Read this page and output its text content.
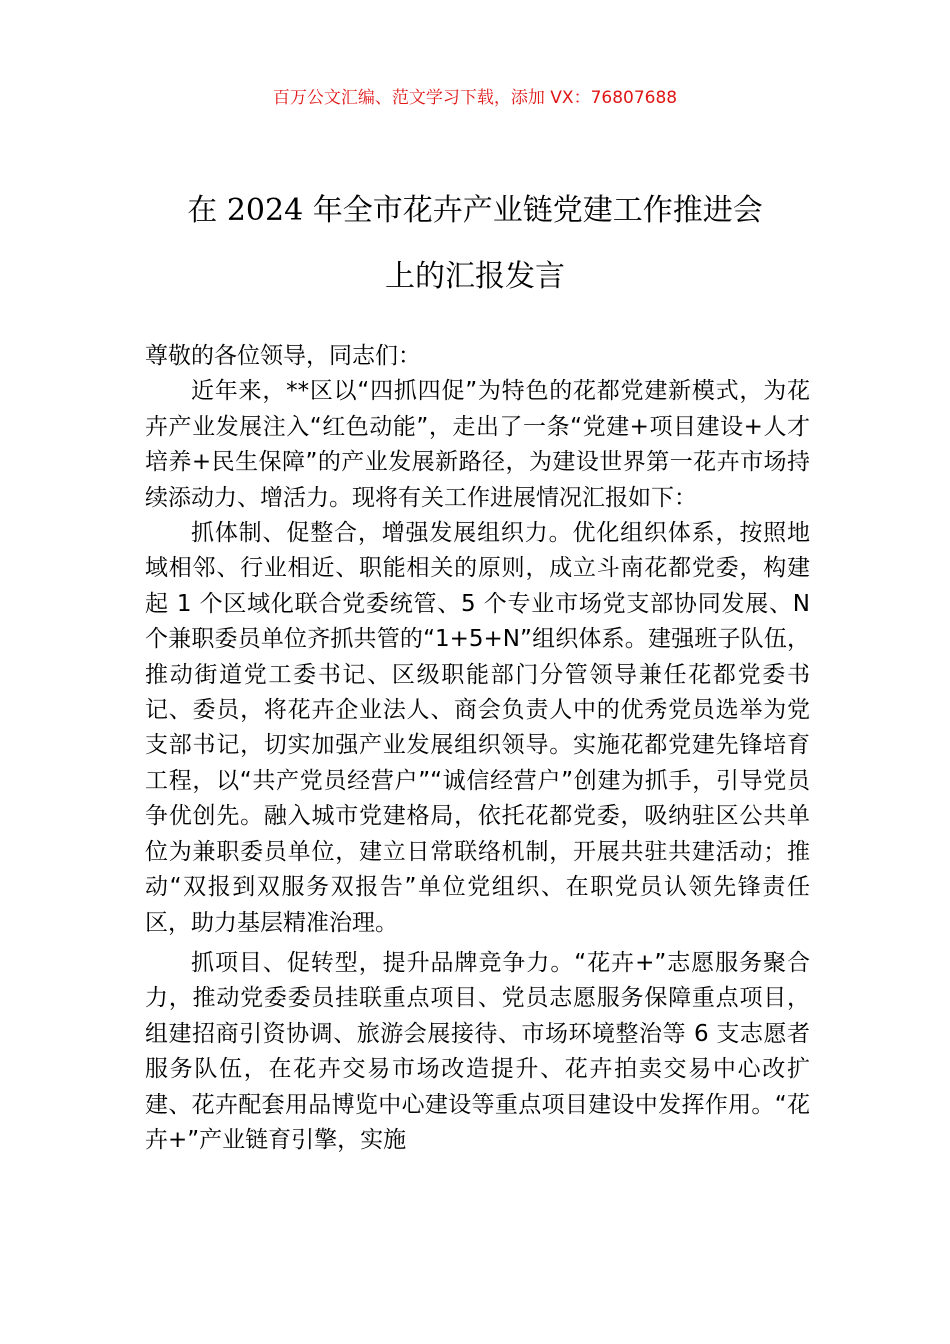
百万公文汇编、范文学习下载，添加 VX：76807688
在 2024 年全市花卉产业链党建工作推进会
上的汇报发言

尊敬的各位领导，同志们：

近年来，**区以“四抓四促”为特色的花都党建新模式，为花卉产业发展注入“红色动能”，走出了一条“党建+项目建设+人才培养+民生保障”的产业发展新路径，为建设世界第一花卉市场持续添动力、增活力。现将有关工作进展情况汇报如下：

抓体制、促整合，增强发展组织力。优化组织体系，按照地域相邻、行业相近、职能相关的原则，成立斗南花都党委，构建起 1 个区域化联合党委统管、5 个专业市场党支部协同发展、N 个兼职委员单位齐抓共管的“1+5+N”组织体系。建强班子队伍，推动街道党工委书记、区级职能部门分管领导兼任花都党委书记、委员，将花卉企业法人、商会负责人中的优秀党员选举为党支部书记，切实加强产业发展组织领导。实施花都党建先锋培育工程，以“共产党员经营户”“诚信经营户”创建为抓手，引导党员争优创先。融入城市党建格局，依托花都党委，吸纳驻区公共单位为兼职委员单位，建立日常联络机制，开展共驻共建活动；推动“双报到双服务双报告”单位党组织、在职党员认领先锋责任区，助力基层精准治理。

抓项目、促转型，提升品牌竞争力。“花卉+”志愿服务聚合力，推动党委委员挂联重点项目、党员志愿服务保障重点项目，组建招商引资协调、旅游会展接待、市场环境整治等 6 支志愿者服务队伍，在花卉交易市场改造提升、花卉拍卖交易中心改扩建、花卉配套用品博览中心建设等重点项目建设中发挥作用。“花卉+”产业链育引擎，实施
